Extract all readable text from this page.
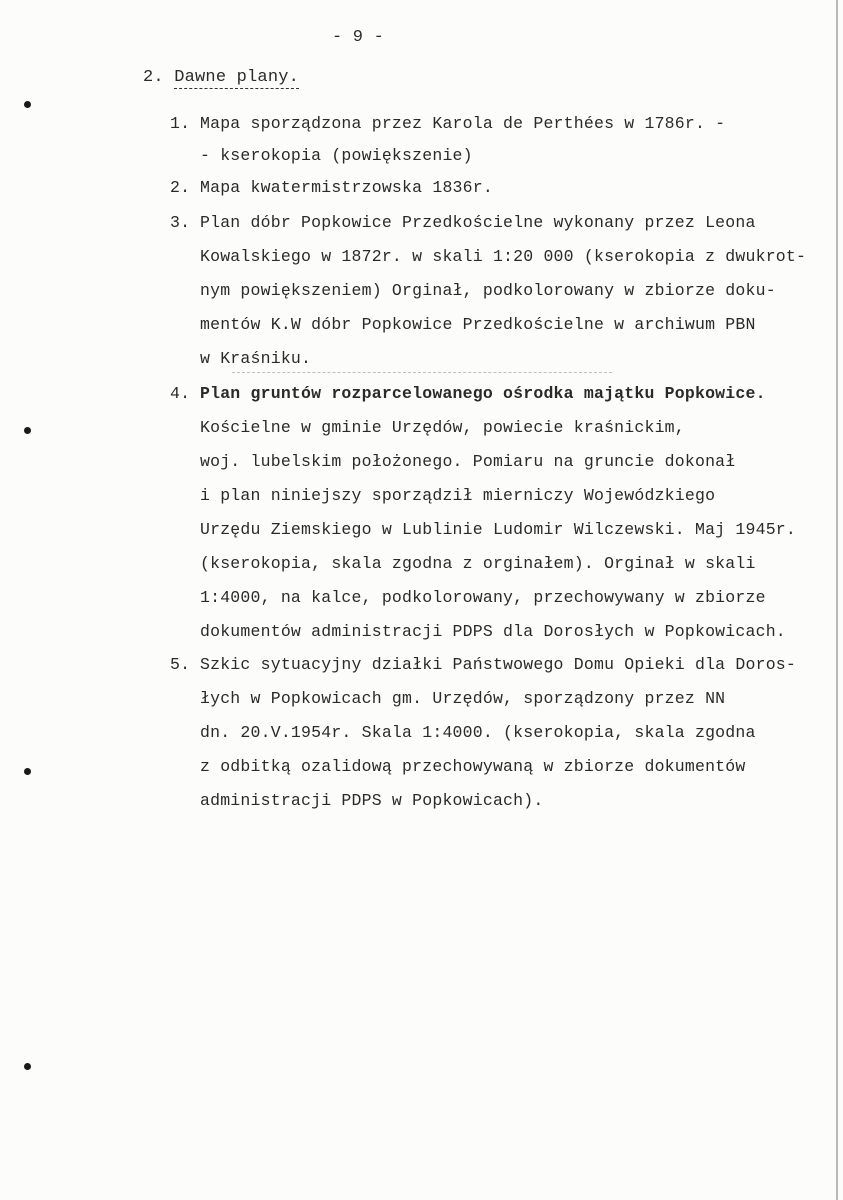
- 9 -
2. Dawne plany.
1. Mapa sporządzona przez Karola de Perthées w 1786r. -
- kserokopia (powiększenie)
2. Mapa kwatermistrzowska 1836r.
3. Plan dóbr Popkowice Przedkościelne wykonany przez Leona
Kowalskiego w 1872r. w skali 1:20 000 (kserokopia z dwukrot-
nym powiększeniem) Orginał, podkolorowany w zbiorze doku-
mentów K.W dóbr Popkowice Przedkościelne w archiwum PBN
w Kraśniku.
4. Plan gruntów rozparcelowanego ośrodka majątku Popkowice.
Kościelne w gminie Urzędów, powiecie kraśnickim,
woj. lubelskim położonego. Pomiaru na gruncie dokonał
i plan niniejszy sporządził mierniczy Wojewódzkiego
Urzędu Ziemskiego w Lublinie Ludomir Wilczewski. Maj 1945r.
(kserokopia, skala zgodna z orginałem). Orginał w skali
1:4000, na kalce, podkolorowany, przechowywany w zbiorze
dokumentów administracji PDPS dla Dorosłych w Popkowicach.
5. Szkic sytuacyjny działki Państwowego Domu Opieki dla Doros-
łych w Popkowicach gm. Urzędów, sporządzony przez NN
dn. 20.V.1954r. Skala 1:4000. (kserokopia, skala zgodna
z odbitką ozalidową przechowywaną w zbiorze dokumentów
administracji PDPS w Popkowicach).
